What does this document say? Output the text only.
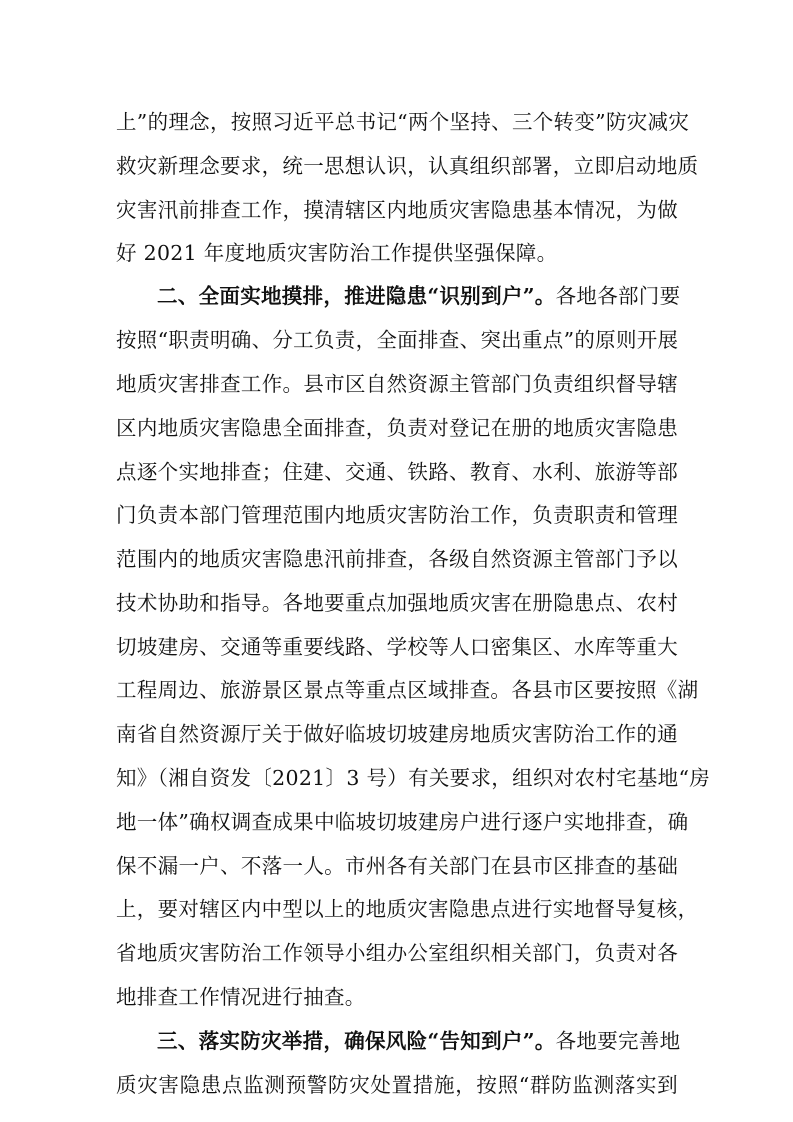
上”的理念，按照习近平总书记“两个坚持、三个转变”防灾减灾
救灾新理念要求，统一思想认识，认真组织部署，立即启动地质
灾害汛前排查工作，摸清辖区内地质灾害隐患基本情况，为做
好 2021 年度地质灾害防治工作提供坚强保障。
二、全面实地摸排，推进隐患“识别到户”。各地各部门要
按照“职责明确、分工负责，全面排查、突出重点”的原则开展
地质灾害排查工作。县市区自然资源主管部门负责组织督导辖
区内地质灾害隐患全面排查，负责对登记在册的地质灾害隐患
点逐个实地排查；住建、交通、铁路、教育、水利、旅游等部
门负责本部门管理范围内地质灾害防治工作，负责职责和管理
范围内的地质灾害隐患汛前排查，各级自然资源主管部门予以
技术协助和指导。各地要重点加强地质灾害在册隐患点、农村
切坡建房、交通等重要线路、学校等人口密集区、水库等重大
工程周边、旅游景区景点等重点区域排查。各县市区要按照《湖
南省自然资源厅关于做好临坡切坡建房地质灾害防治工作的通
知》（湘自资发〔2021〕3 号）有关要求，组织对农村宅基地“房
地一体”确权调查成果中临坡切坡建房户进行逐户实地排查，确
保不漏一户、不落一人。市州各有关部门在县市区排查的基础
上，要对辖区内中型以上的地质灾害隐患点进行实地督导复核，
省地质灾害防治工作领导小组办公室组织相关部门，负责对各
地排查工作情况进行抽查。
三、落实防灾举措，确保风险“告知到户”。各地要完善地
质灾害隐患点监测预警防灾处置措施，按照“群防监测落实到
